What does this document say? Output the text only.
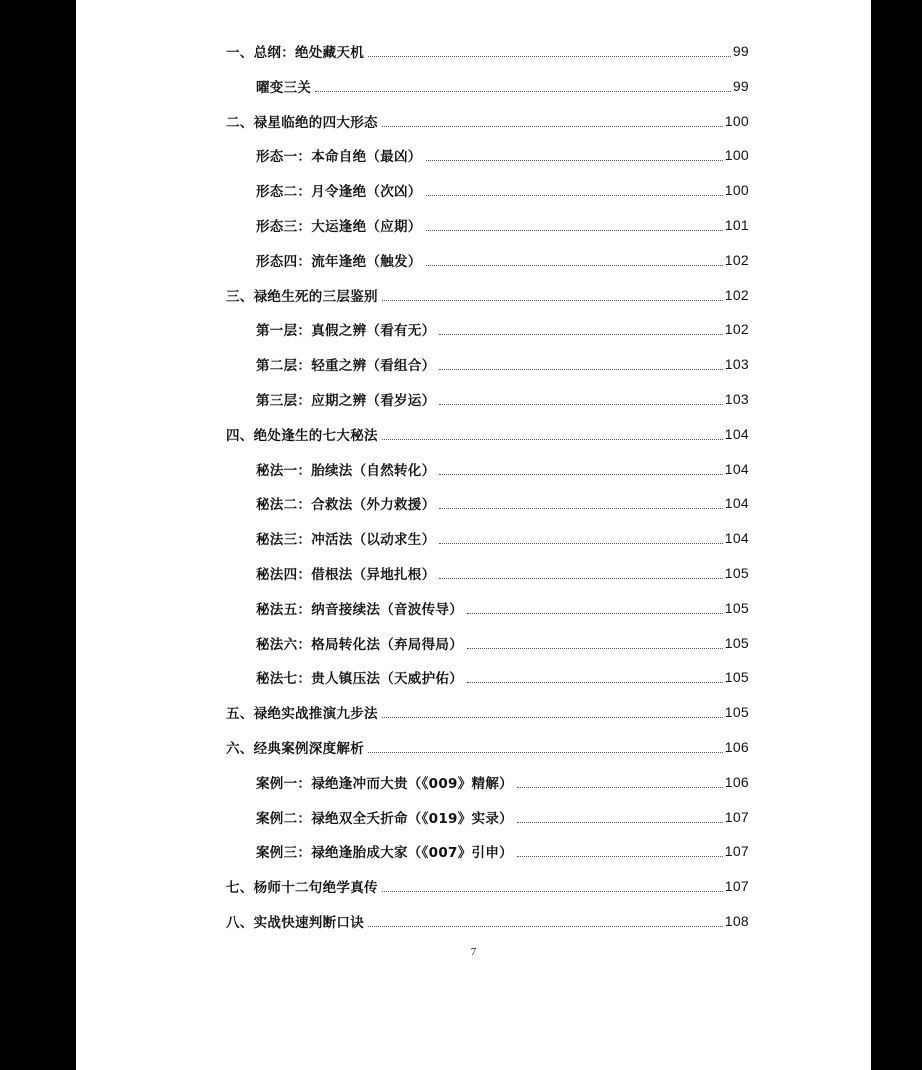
一、总纲：绝处藏天机	99
曜变三关	99
二、禄星临绝的四大形态	100
形态一：本命自绝（最凶）	100
形态二：月令逢绝（次凶）	100
形态三：大运逢绝（应期）	101
形态四：流年逢绝（触发）	102
三、禄绝生死的三层鉴别	102
第一层：真假之辨（看有无）	102
第二层：轻重之辨（看组合）	103
第三层：应期之辨（看岁运）	103
四、绝处逢生的七大秘法	104
秘法一：胎续法（自然转化）	104
秘法二：合救法（外力救援）	104
秘法三：冲活法（以动求生）	104
秘法四：借根法（异地扎根）	105
秘法五：纳音接续法（音波传导）	105
秘法六：格局转化法（弃局得局）	105
秘法七：贵人镇压法（天威护佑）	105
五、禄绝实战推演九步法	105
六、经典案例深度解析	106
案例一：禄绝逢冲而大贵（《009》精解）	106
案例二：禄绝双全夭折命（《019》实录）	107
案例三：禄绝逢胎成大家（《007》引申）	107
七、杨师十二句绝学真传	107
八、实战快速判断口诀	108
7
